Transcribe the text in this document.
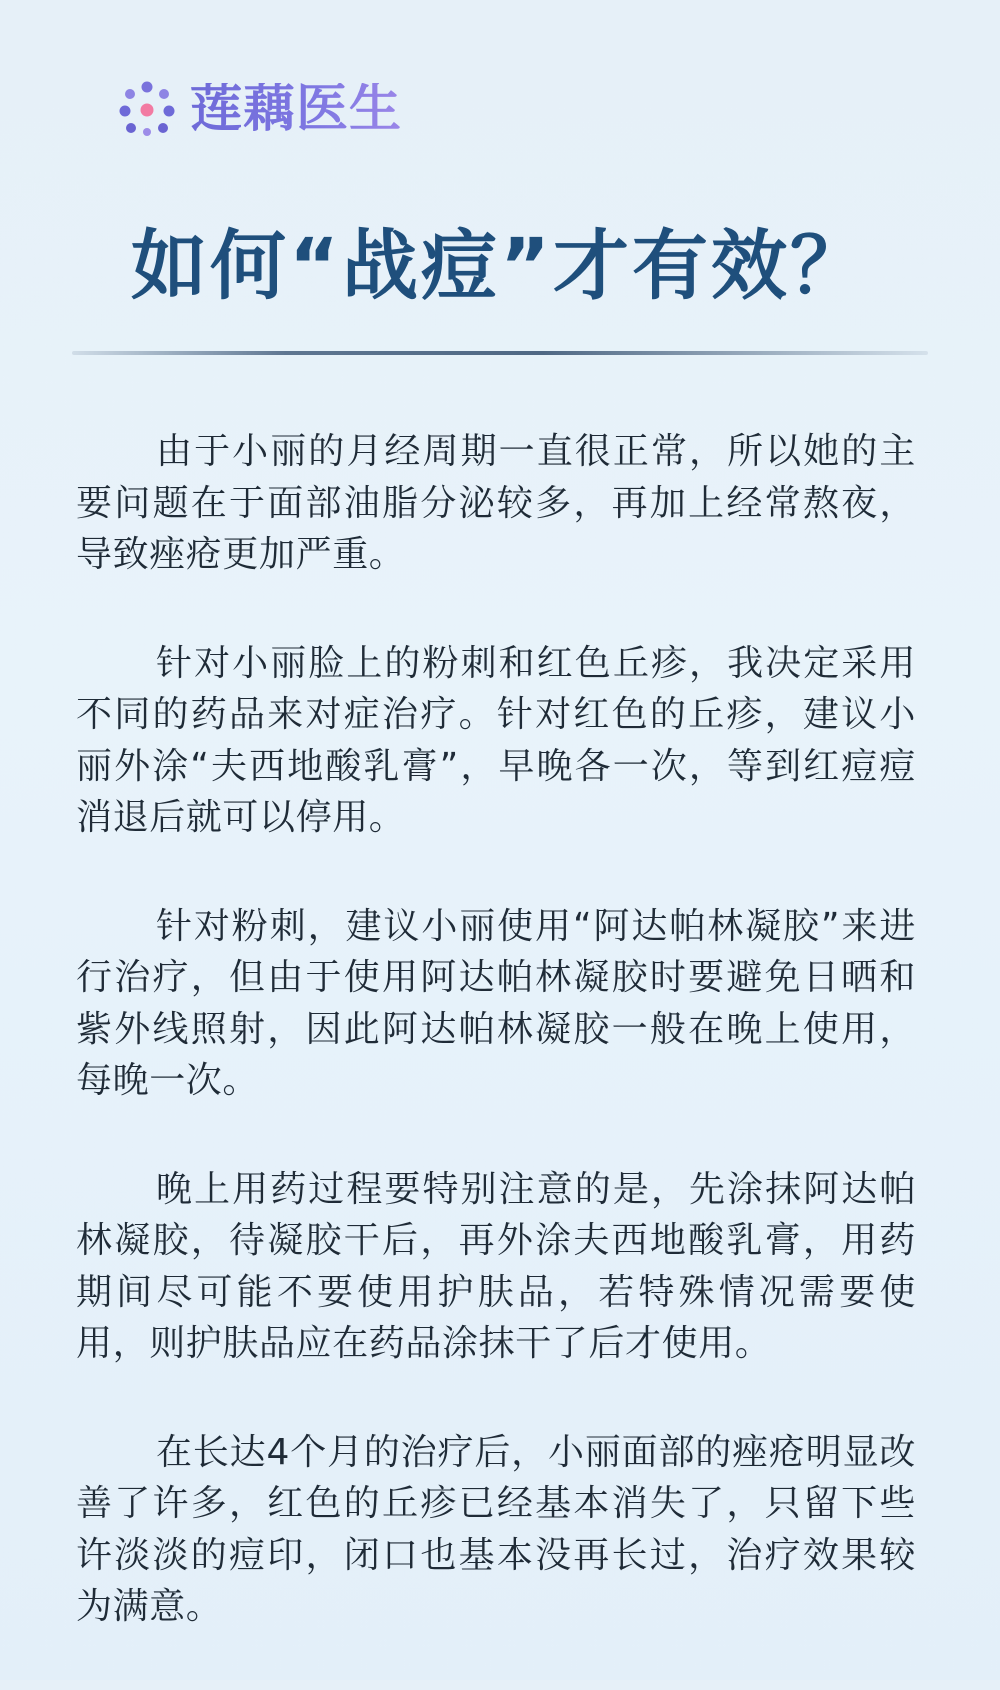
莲藕医生
如何“战痘”才有效？

由于小丽的月经周期一直很正常，所以她的主要问题在于面部油脂分泌较多，再加上经常熬夜，导致痤疮更加严重。

针对小丽脸上的粉刺和红色丘疹，我决定采用不同的药品来对症治疗。针对红色的丘疹，建议小丽外涂“夫西地酸乳膏”，早晚各一次，等到红痘痘消退后就可以停用。

针对粉刺，建议小丽使用“阿达帕林凝胶”来进行治疗，但由于使用阿达帕林凝胶时要避免日晒和紫外线照射，因此阿达帕林凝胶一般在晚上使用，每晚一次。

晚上用药过程要特别注意的是，先涂抹阿达帕林凝胶，待凝胶干后，再外涂夫西地酸乳膏，用药期间尽可能不要使用护肤品，若特殊情况需要使用，则护肤品应在药品涂抹干了后才使用。

在长达4个月的治疗后，小丽面部的痤疮明显改善了许多，红色的丘疹已经基本消失了，只留下些许淡淡的痘印，闭口也基本没再长过，治疗效果较为满意。
